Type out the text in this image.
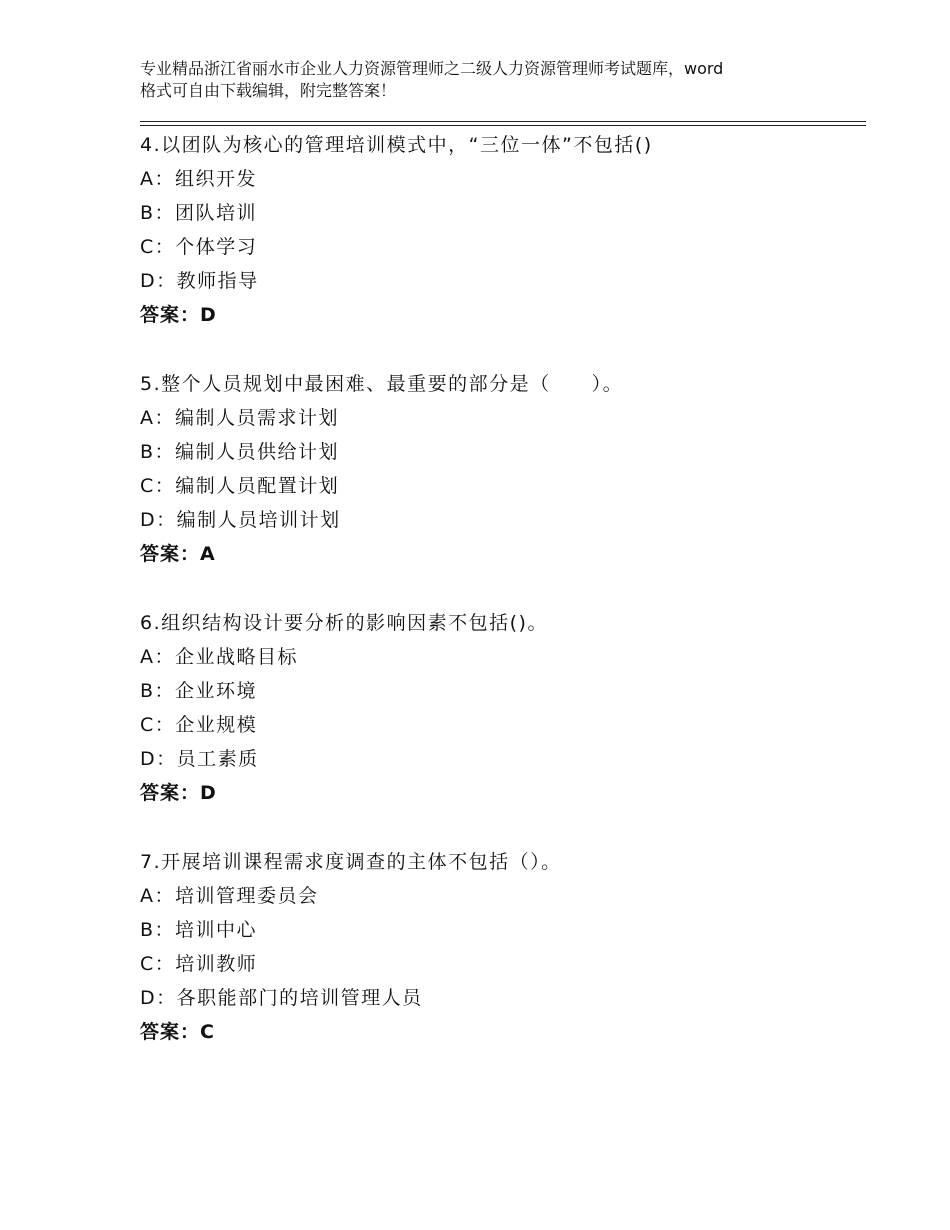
专业精品浙江省丽水市企业人力资源管理师之二级人力资源管理师考试题库，word
格式可自由下载编辑，附完整答案！
4.以团队为核心的管理培训模式中，“三位一体”不包括()
A：组织开发
B：团队培训
C：个体学习
D：教师指导
答案：D
5.整个人员规划中最困难、最重要的部分是（　　）。
A：编制人员需求计划
B：编制人员供给计划
C：编制人员配置计划
D：编制人员培训计划
答案：A
6.组织结构设计要分析的影响因素不包括()。
A：企业战略目标
B：企业环境
C：企业规模
D：员工素质
答案：D
7.开展培训课程需求度调查的主体不包括（）。
A：培训管理委员会
B：培训中心
C：培训教师
D：各职能部门的培训管理人员
答案：C
